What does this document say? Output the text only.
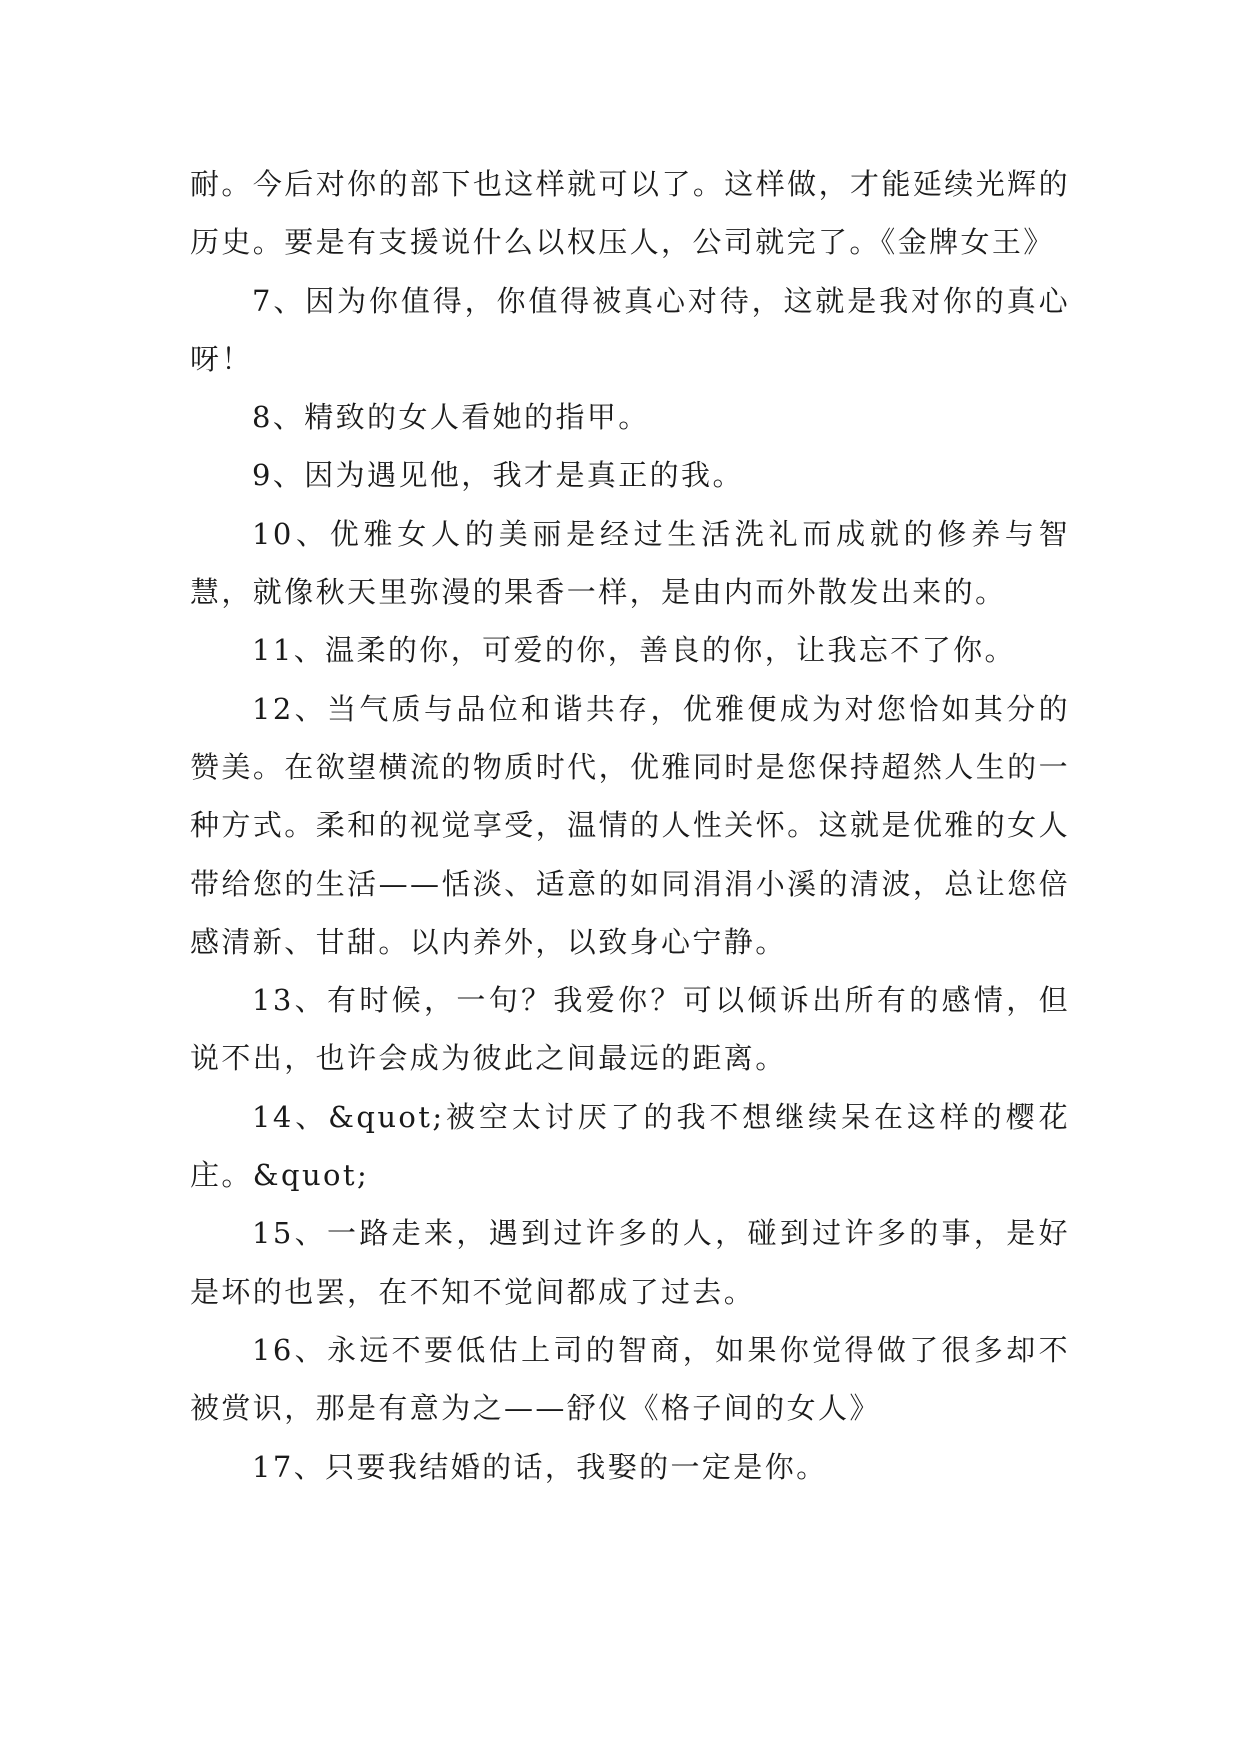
耐。今后对你的部下也这样就可以了。这样做，才能延续光辉的历史。要是有支援说什么以权压人，公司就完了。《金牌女王》

7、因为你值得，你值得被真心对待，这就是我对你的真心呀！

8、精致的女人看她的指甲。

9、因为遇见他，我才是真正的我。

10、优雅女人的美丽是经过生活洗礼而成就的修养与智慧，就像秋天里弥漫的果香一样，是由内而外散发出来的。

11、温柔的你，可爱的你，善良的你，让我忘不了你。

12、当气质与品位和谐共存，优雅便成为对您恰如其分的赞美。在欲望横流的物质时代，优雅同时是您保持超然人生的一种方式。柔和的视觉享受，温情的人性关怀。这就是优雅的女人带给您的生活——恬淡、适意的如同涓涓小溪的清波，总让您倍感清新、甘甜。以内养外，以致身心宁静。

13、有时候，一句？我爱你？可以倾诉出所有的感情，但说不出，也许会成为彼此之间最远的距离。

14、&quot;被空太讨厌了的我不想继续呆在这样的樱花庄。&quot;

15、一路走来，遇到过许多的人，碰到过许多的事，是好是坏的也罢，在不知不觉间都成了过去。

16、永远不要低估上司的智商，如果你觉得做了很多却不被赏识，那是有意为之——舒仪《格子间的女人》

17、只要我结婚的话，我娶的一定是你。
